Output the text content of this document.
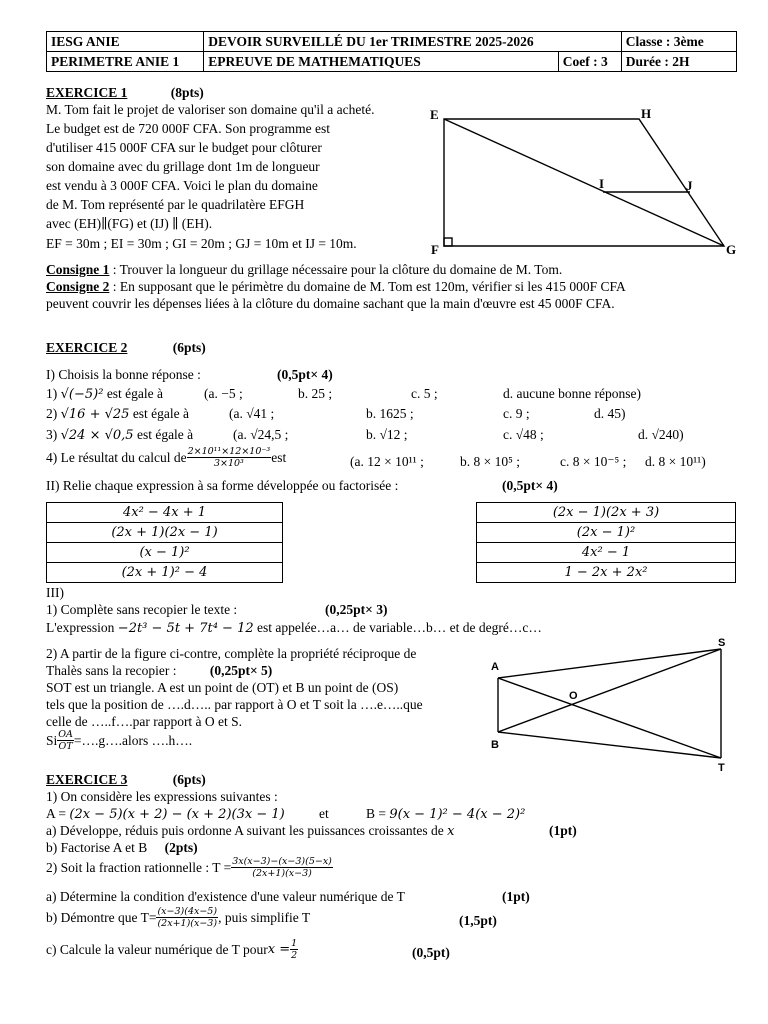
IESG ANIE	DEVOIR SURVEILLÉ DU 1er TRIMESTRE 2025-2026		Classe : 3ème
PERIMETRE ANIE 1	EPREUVE DE MATHEMATIQUES	Coef : 3	Durée : 2H
EXERCICE 1	(8pts)
M. Tom fait le projet de valoriser son domaine qu'il a acheté.
Le budget est de 720 000F CFA. Son programme est
d'utiliser 415 000F CFA sur le budget pour clôturer
son domaine avec du grillage dont 1m de longueur
est vendu à 3 000F CFA. Voici le plan du domaine
de M. Tom représenté par le quadrilatère EFGH
avec (EH)∥(FG) et (IJ) ∥ (EH).
EF = 30m ; EI = 30m ; GI = 20m ; GJ = 10m et IJ = 10m.
E	H
I	J
F	G
Consigne 1 : Trouver la longueur du grillage nécessaire pour la clôture du domaine de M. Tom.
Consigne 2 : En supposant que le périmètre du domaine de M. Tom est 120m, vérifier si les 415 000F CFA
peuvent couvrir les dépenses liées à la clôture du domaine sachant que la main d'œuvre est 45 000F CFA.
EXERCICE 2	(6pts)
I) Choisis la bonne réponse :	(0,5pt× 4)
1) √(−5)² est égale à	(a. −5 ;	b. 25 ;	c. 5 ;	d. aucune bonne réponse)
2) √16 + √25 est égale à	(a. √41 ;	b. 1625 ;	c. 9 ;	d. 45)
3) √24 × √0,5 est égale à	(a. √24,5 ;	b. √12 ;	c. √48 ;	d. √240)
4) Le résultat du calcul de $\frac{\text{2×10¹¹×12×10⁻³}}{\text{3×10³}}$ est	(a. 12 × 10¹¹ ;	b. 8 × 10⁵ ;	c. 8 × 10⁻⁵ ; d. 8 × 10¹¹)
II) Relie chaque expression à sa forme développée ou factorisée :	(0,5pt× 4)
4x² − 4x + 1
(2x + 1)(2x − 1)
(x − 1)²
(2x + 1)² − 4
(2x − 1)(2x + 3)
(2x − 1)²
4x² − 1
1 − 2x + 2x²
III)
1) Complète sans recopier le texte :	(0,25pt× 3)
L'expression −2t³ − 5t + 7t⁴ − 12 est appelée…a… de variable…b… et de degré…c…
2) A partir de la figure ci-contre, complète la propriété réciproque de
Thalès sans la recopier : (0,25pt× 5)
SOT est un triangle. A est un point de (OT) et B un point de (OS)
tels que la position de ….d….. par rapport à O et T soit la ….e…..que
celle de …..f….par rapport à O et S.
Si $\frac{OA}{OT}$ =….g….alors ….h….
A
B
O
S
T
EXERCICE 3	(6pts)
1) On considère les expressions suivantes :
A = (2x − 5)(x + 2) − (x + 2)(3x − 1)	et	B = 9(x − 1)² − 4(x − 2)²
a) Développe, réduis puis ordonne A suivant les puissances croissantes de x	(1pt)
b) Factorise A et B (2pts)
2) Soit la fraction rationnelle : $T = \frac{3x(x-3)-(x-3)(5-x)}{(2x+1)(x-3)}$
a) Détermine la condition d'existence d'une valeur numérique de T	(1pt)
b) Démontre que $T= \frac{(x-3)(4x-5)}{(2x+1)(x-3)}$ , puis simplifie T	(1,5pt)
c) Calcule la valeur numérique de T pour $x = \frac{1}{2}$	(0,5pt)
